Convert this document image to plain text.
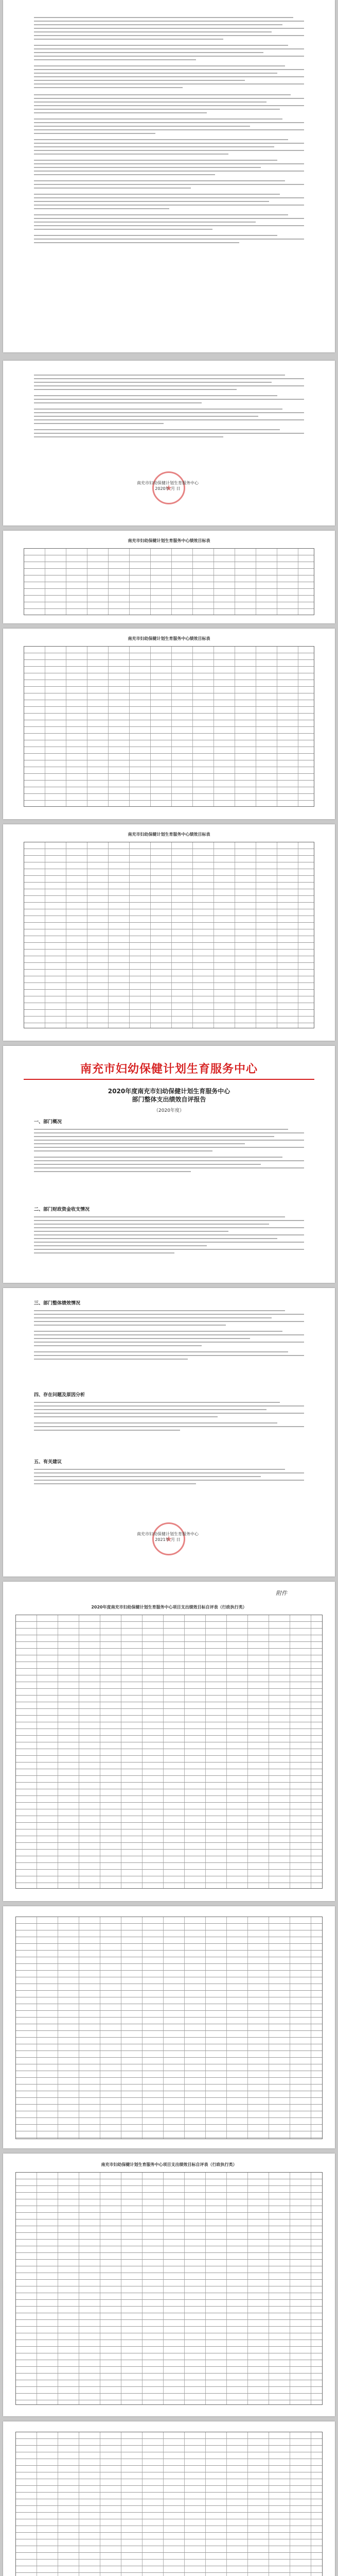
★
南充市妇幼保健计划生育服务中心
2020年 月 日
南充市妇幼保健计划生育服务中心绩效目标表
南充市妇幼保健计划生育服务中心绩效目标表
南充市妇幼保健计划生育服务中心绩效目标表
南充市妇幼保健计划生育服务中心
2020年度南充市妇幼保健计划生育服务中心
部门整体支出绩效自评报告
（2020年度）
一、部门概况
二、部门财政资金收支情况
三、部门整体绩效情况
四、存在问题及原因分析
五、有关建议
★
南充市妇幼保健计划生育服务中心
2021年 月 日
附件
2020年度南充市妇幼保健计划生育服务中心项目支出绩效目标自评表（行政执行类）
南充市妇幼保健计划生育服务中心项目支出绩效目标自评表（行政执行类）
